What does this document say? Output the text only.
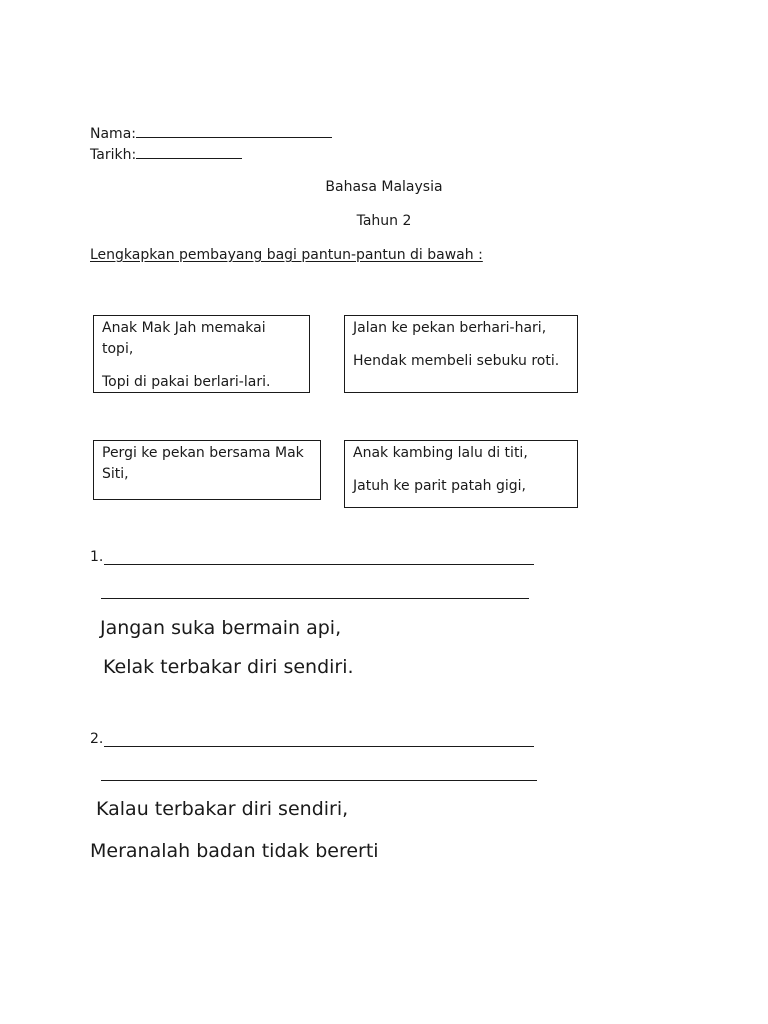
Nama:
Tarikh:
Bahasa Malaysia
Tahun 2
Lengkapkan pembayang bagi pantun-pantun di bawah :

Anak Mak Jah memakai topi,

Topi di pakai berlari-lari.

Jalan ke pekan berhari-hari,

Hendak membeli sebuku roti.

Pergi ke pekan bersama Mak Siti,

Anak kambing lalu di titi,

Jatuh ke parit patah gigi,

1.
Jangan suka bermain api,
Kelak terbakar diri sendiri.
2.
Kalau terbakar diri sendiri,
Meranalah badan tidak bererti
